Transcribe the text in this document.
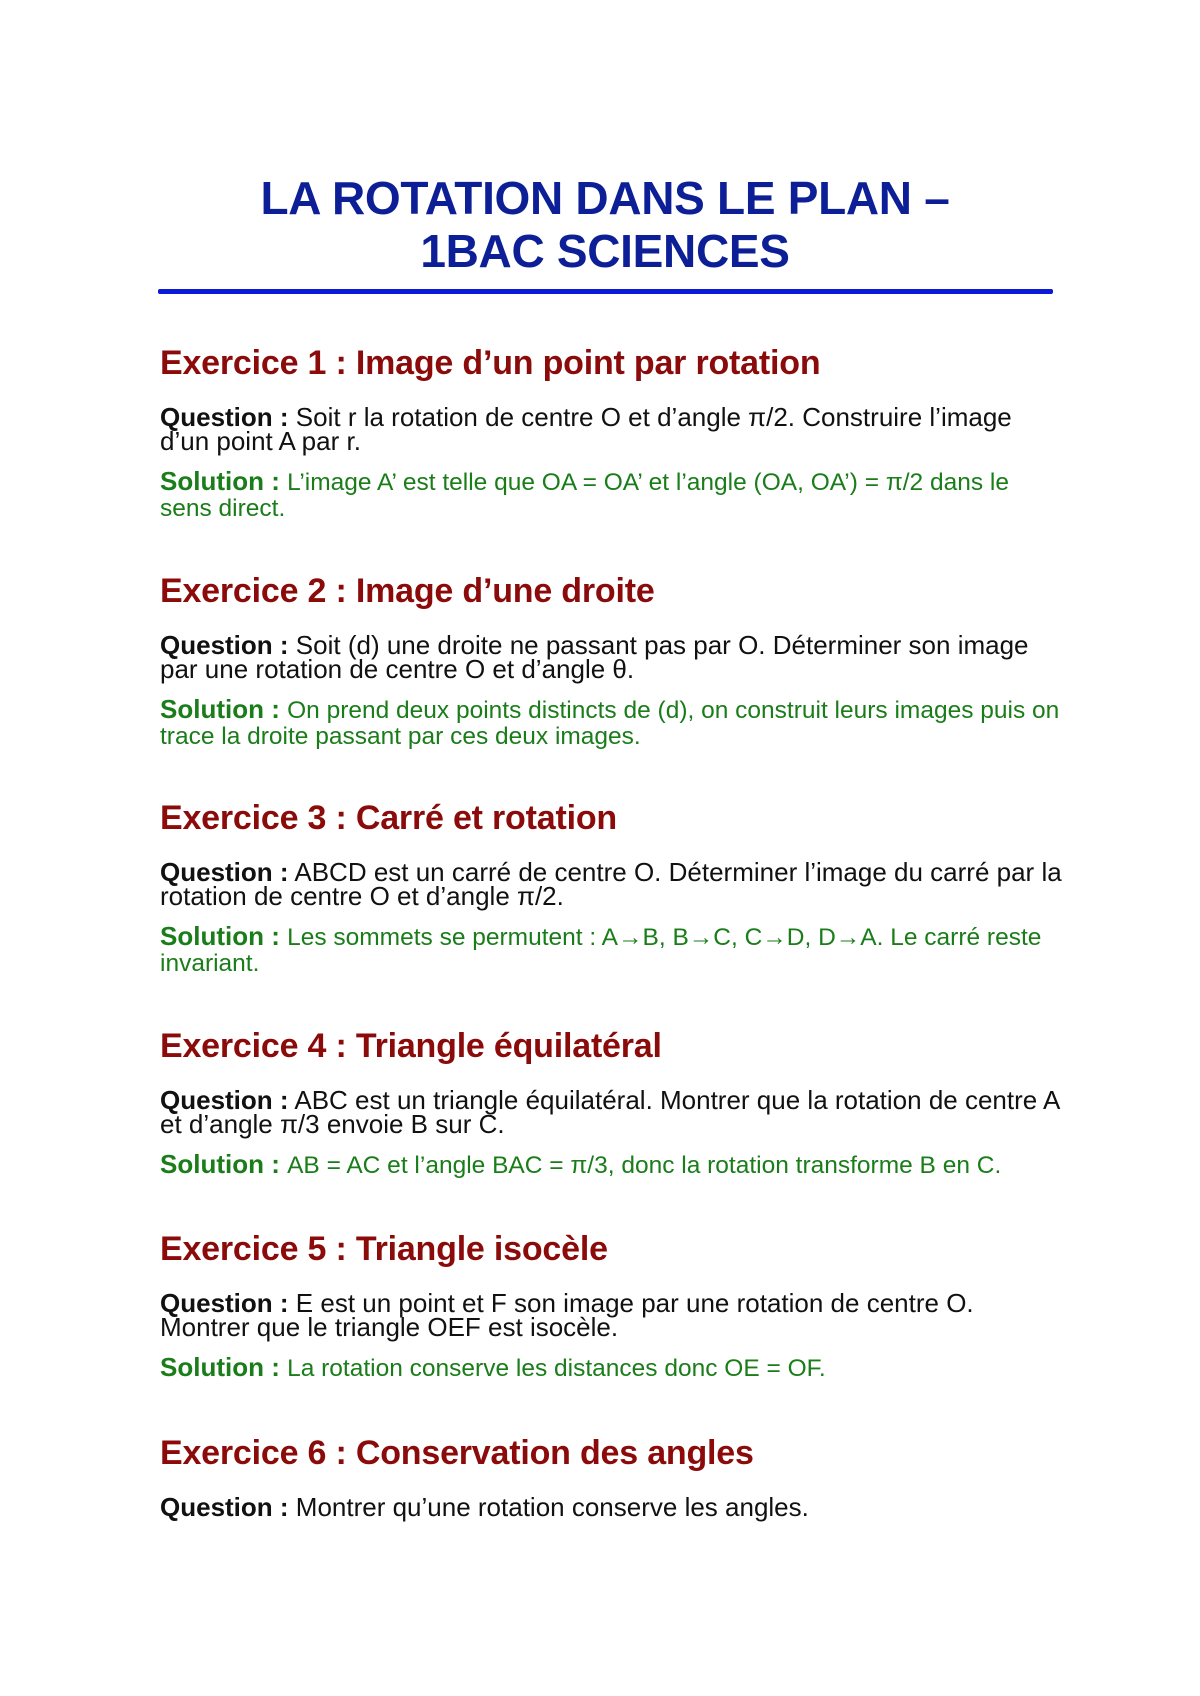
LA ROTATION DANS LE PLAN –
1BAC SCIENCES
Exercice 1 : Image d’un point par rotation

Question : Soit r la rotation de centre O et d’angle π/2. Construire l’image d’un point A par r.

Solution : L’image A’ est telle que OA = OA’ et l’angle (OA, OA’) = π/2 dans le sens direct.

Exercice 2 : Image d’une droite

Question : Soit (d) une droite ne passant pas par O. Déterminer son image par une rotation de centre O et d’angle θ.

Solution : On prend deux points distincts de (d), on construit leurs images puis on trace la droite passant par ces deux images.

Exercice 3 : Carré et rotation

Question : ABCD est un carré de centre O. Déterminer l’image du carré par la rotation de centre O et d’angle π/2.

Solution : Les sommets se permutent : A→B, B→C, C→D, D→A. Le carré reste invariant.

Exercice 4 : Triangle équilatéral

Question : ABC est un triangle équilatéral. Montrer que la rotation de centre A et d’angle π/3 envoie B sur C.

Solution : AB = AC et l’angle BAC = π/3, donc la rotation transforme B en C.

Exercice 5 : Triangle isocèle

Question : E est un point et F son image par une rotation de centre O. Montrer que le triangle OEF est isocèle.

Solution : La rotation conserve les distances donc OE = OF.

Exercice 6 : Conservation des angles

Question : Montrer qu’une rotation conserve les angles.
